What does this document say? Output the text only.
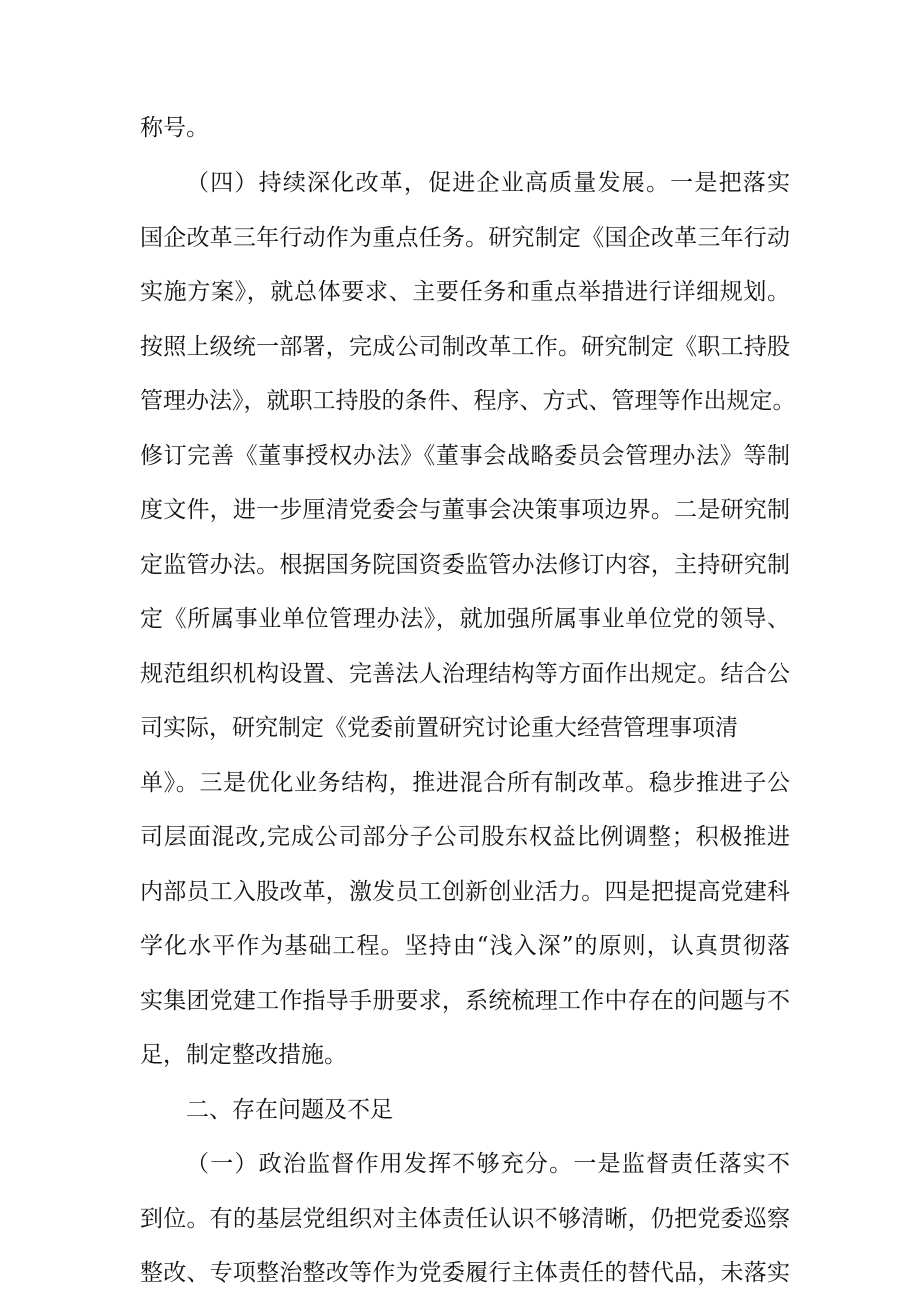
称号。
（四）持续深化改革，促进企业高质量发展。一是把落实
国企改革三年行动作为重点任务。研究制定《国企改革三年行动
实施方案》，就总体要求、主要任务和重点举措进行详细规划。
按照上级统一部署，完成公司制改革工作。研究制定《职工持股
管理办法》，就职工持股的条件、程序、方式、管理等作出规定。
修订完善《董事授权办法》《董事会战略委员会管理办法》等制
度文件，进一步厘清党委会与董事会决策事项边界。二是研究制
定监管办法。根据国务院国资委监管办法修订内容，主持研究制
定《所属事业单位管理办法》，就加强所属事业单位党的领导、
规范组织机构设置、完善法人治理结构等方面作出规定。结合公
司实际，研究制定《党委前置研究讨论重大经营管理事项清
单》。三是优化业务结构，推进混合所有制改革。稳步推进子公
司层面混改,完成公司部分子公司股东权益比例调整；积极推进
内部员工入股改革，激发员工创新创业活力。四是把提高党建科
学化水平作为基础工程。坚持由“浅入深”的原则，认真贯彻落
实集团党建工作指导手册要求，系统梳理工作中存在的问题与不
足，制定整改措施。
二、存在问题及不足
（一）政治监督作用发挥不够充分。一是监督责任落实不
到位。有的基层党组织对主体责任认识不够清晰，仍把党委巡察
整改、专项整治整改等作为党委履行主体责任的替代品，未落实
